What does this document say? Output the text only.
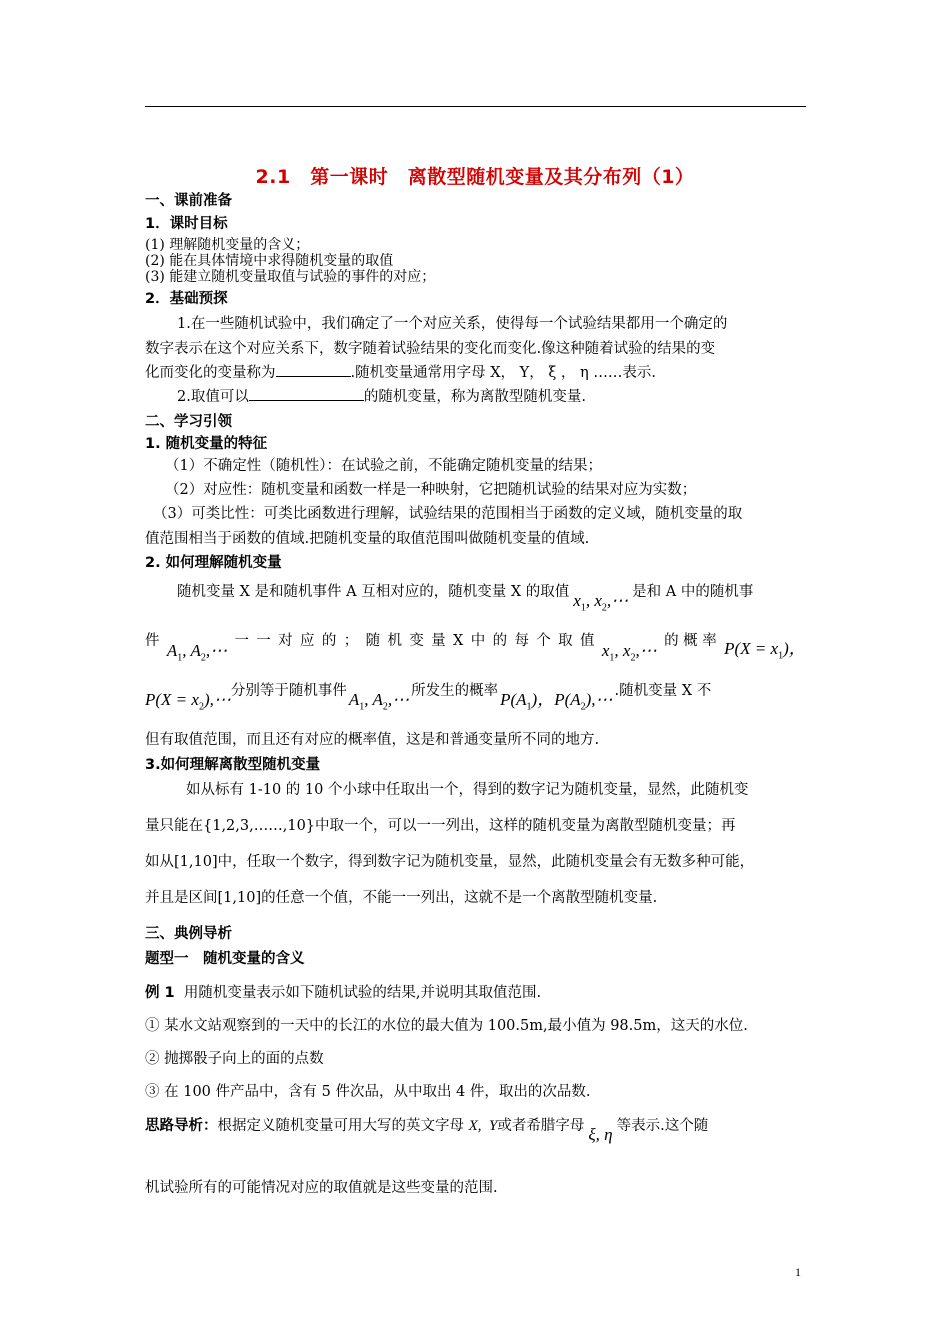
2.1　第一课时　离散型随机变量及其分布列（1）
一、课前准备
1．课时目标
(1) 理解随机变量的含义；
(2) 能在具体情境中求得随机变量的取值
(3) 能建立随机变量取值与试验的事件的对应；
2．基础预探
1.在一些随机试验中，我们确定了一个对应关系，使得每一个试验结果都用一个确定的
数字表示在这个对应关系下，数字随着试验结果的变化而变化.像这种随着试验的结果的变
化而变化的变量称为	.随机变量通常用字母 X， Y， ξ ， η ……表示.
2.取值可以	的随机变量，称为离散型随机变量.
二、学习引领
1. 随机变量的特征
（1）不确定性（随机性）：在试验之前，不能确定随机变量的结果；
（2）对应性：随机变量和函数一样是一种映射，它把随机试验的结果对应为实数；
（3）可类比性：可类比函数进行理解，试验结果的范围相当于函数的定义域，随机变量的取
值范围相当于函数的值域.把随机变量的取值范围叫做随机变量的值域.
2. 如何理解随机变量
随机变量 X 是和随机事件 A 互相对应的，随机变量 X 的取值 $x_1$, $x_2,\cdots$ 是和 A 中的随机事
件 $A_1$, $A_2,\cdots$ 一 一 对 应 的 ； 随 机 变 量 X 中 的 每 个 取 值 $x_1$, $x_2,\cdots$ 的 概 率 $P(X = x_1)$，
$P(X = x_2),\cdots$分别等于随机事件 $A_1$, $A_2,\cdots$ 所发生的概率 $P(A_1)$，$P(A_2),\cdots$ .随机变量 X 不
但有取值范围，而且还有对应的概率值，这是和普通变量所不同的地方.
3.如何理解离散型随机变量
如从标有 1-10 的 10 个小球中任取出一个，得到的数字记为随机变量，显然，此随机变
量只能在{1,2,3,……,10}中取一个，可以一一列出，这样的随机变量为离散型随机变量；再
如从[1,10]中，任取一个数字，得到数字记为随机变量，显然，此随机变量会有无数多种可能，
并且是区间[1,10]的任意一个值，不能一一列出，这就不是一个离散型随机变量.
三、典例导析
题型一　随机变量的含义
例 1 用随机变量表示如下随机试验的结果,并说明其取值范围.
① 某水文站观察到的一天中的长江的水位的最大值为 100.5m,最小值为 98.5m，这天的水位.
② 抛掷骰子向上的面的点数
③ 在 100 件产品中，含有 5 件次品，从中取出 4 件，取出的次品数.
思路导析：根据定义随机变量可用大写的英文字母 X,  Y或者希腊字母 ξ, η 等表示.这个随
机试验所有的可能情况对应的取值就是这些变量的范围.
1
